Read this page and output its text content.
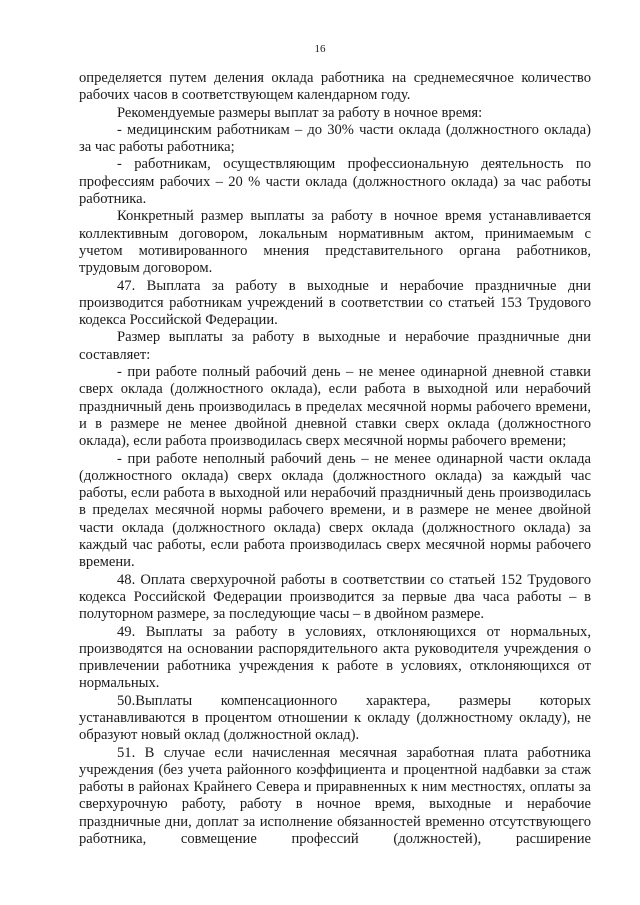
16

определяется путем деления оклада работника на среднемесячное количество рабочих часов в соответствующем календарном году.

Рекомендуемые размеры выплат за работу в ночное время:

- медицинским работникам – до 30% части оклада (должностного оклада) за час работы работника;

- работникам, осуществляющим профессиональную деятельность по профессиям рабочих – 20 % части оклада (должностного оклада) за час работы работника.

Конкретный размер выплаты за работу в ночное время устанавливается коллективным договором, локальным нормативным актом, принимаемым с учетом мотивированного мнения представительного органа работников, трудовым договором.

47. Выплата за работу в выходные и нерабочие праздничные дни производится работникам учреждений в соответствии со статьей 153 Трудового кодекса Российской Федерации.

Размер выплаты за работу в выходные и нерабочие праздничные дни составляет:

- при работе полный рабочий день – не менее одинарной дневной ставки сверх оклада (должностного оклада), если работа в выходной или нерабочий праздничный день производилась в пределах месячной нормы рабочего времени, и в размере не менее двойной дневной ставки сверх оклада (должностного оклада), если работа производилась сверх месячной нормы рабочего времени;

- при работе неполный рабочий день – не менее одинарной части оклада (должностного оклада) сверх оклада (должностного оклада) за каждый час работы, если работа в выходной или нерабочий праздничный день производилась в пределах месячной нормы рабочего времени, и в размере не менее двойной части оклада (должностного оклада) сверх оклада (должностного оклада) за каждый час работы, если работа производилась сверх месячной нормы рабочего времени.

48. Оплата сверхурочной работы в соответствии со статьей 152 Трудового кодекса Российской Федерации производится за первые два часа работы – в полуторном размере, за последующие часы – в двойном размере.

49. Выплаты за работу в условиях, отклоняющихся от нормальных, производятся на основании распорядительного акта руководителя учреждения о привлечении работника учреждения к работе в условиях, отклоняющихся от нормальных.

50.Выплаты компенсационного характера, размеры которых устанавливаются в процентом отношении к окладу (должностному окладу), не образуют новый оклад (должностной оклад).

51. В случае если начисленная месячная заработная плата работника учреждения (без учета районного коэффициента и процентной надбавки за стаж работы в районах Крайнего Севера и приравненных к ним местностях, оплаты за сверхурочную работу, работу в ночное время, выходные и нерабочие праздничные дни, доплат за исполнение обязанностей временно отсутствующего работника, совмещение профессий (должностей), расширение
